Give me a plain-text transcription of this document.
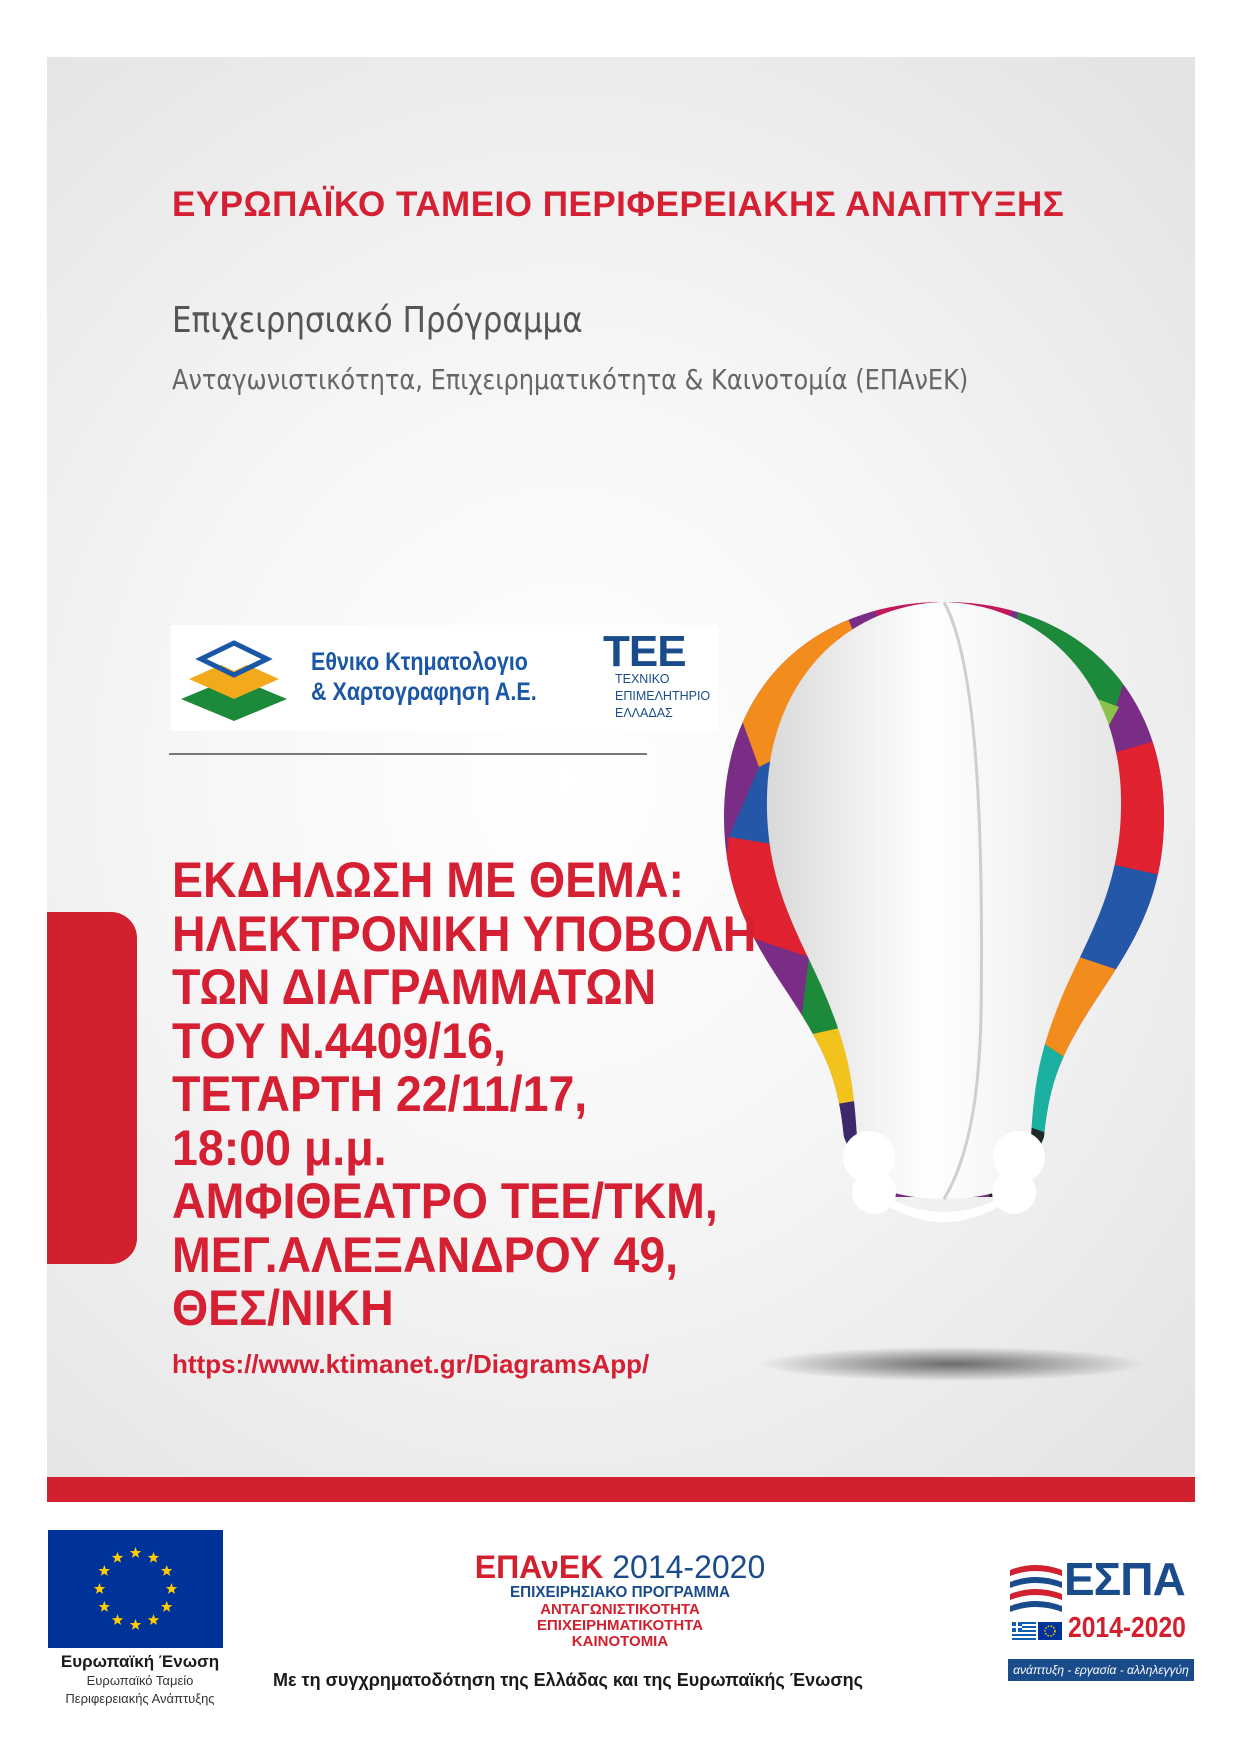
ΕΥΡΩΠΑΪΚΟ ΤΑΜΕΙΟ ΠΕΡΙΦΕΡΕΙΑΚΗΣ ΑΝΑΠΤΥΞΗΣ
Επιχειρησιακό Πρόγραμμα
Ανταγωνιστικότητα, Επιχειρηματικότητα & Καινοτομία (ΕΠΑνΕΚ)
Εθνικο Κτηματολογιο
& Χαρτογραφηση Α.Ε.
ΤΕΕ
ΤΕΧΝΙΚΟ
ΕΠΙΜΕΛΗΤΗΡΙΟ
ΕΛΛΑΔΑΣ
ΕΚΔΗΛΩΣΗ ΜΕ ΘΕΜΑ:
ΗΛΕΚΤΡΟΝΙΚΗ ΥΠΟΒΟΛΗ
ΤΩΝ ΔΙΑΓΡΑΜΜΑΤΩΝ
ΤΟΥ Ν.4409/16,
ΤΕΤΑΡΤΗ 22/11/17,
18:00 μ.μ.
ΑΜΦΙΘΕΑΤΡΟ ΤΕΕ/ΤΚΜ,
ΜΕΓ.ΑΛΕΞΑΝΔΡΟΥ 49,
ΘΕΣ/ΝΙΚΗ
https://www.ktimanet.gr/DiagramsApp/
Ευρωπαϊκή Ένωση
Ευρωπαϊκό Ταμείο
Περιφερειακής Ανάπτυξης
ΕΠΑνΕΚ 2014-2020
ΕΠΙΧΕΙΡΗΣΙΑΚΟ ΠΡΟΓΡΑΜΜΑ
ΑΝΤΑΓΩΝΙΣΤΙΚΟΤΗΤΑ
ΕΠΙΧΕΙΡΗΜΑΤΙΚΟΤΗΤΑ
ΚΑΙΝΟΤΟΜΙΑ
Με τη συγχρηματοδότηση της Ελλάδας και της Ευρωπαϊκής Ένωσης
ΕΣΠΑ
2014-2020
ανάπτυξη - εργασία - αλληλεγγύη
